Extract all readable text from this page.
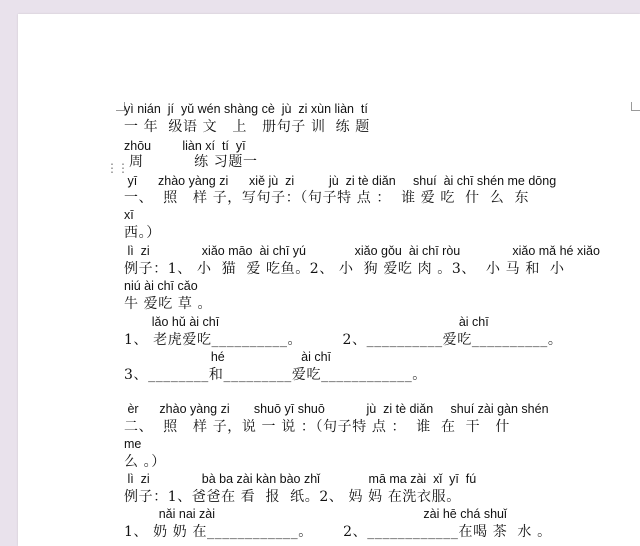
⋮⋮
yì nián  jí  yǔ wén shàng cè  jù  zi xùn liàn  tí
一 年  级语 文   上   册句子 训  练 题
zhōu         liàn xí  tí  yī
周          练 习题一
yī      zhào yàng zi      xiě jù  zi          jù  zi tè diǎn     shuí  ài chī shén me dōng
一、  照   样 子，写句子：（句子特 点 ：  谁 爱 吃  什  么  东
xī
西。）
lì  zi               xiǎo māo  ài chī yú              xiǎo gǒu  ài chī ròu               xiǎo mǎ hé xiǎo
例子：1、 小  猫  爱 吃鱼。2、 小  狗 爱吃 肉 。3、  小 马 和  小
niú ài chī cǎo
牛 爱吃 草 。
lǎo hǔ ài chī                                                                     ài chī
1、 老虎爱吃__________。        2、__________爱吃__________。
hé                      ài chī
3、________和_________爱吃____________。
èr      zhào yàng zi       shuō yī shuō            jù  zi tè diǎn     shuí zài gàn shén
二、  照   样 子，说 一 说 ：（句子特 点 ：  谁  在  干   什
me
么 。）
lì  zi               bà ba zài kàn bào zhǐ              mā ma zài  xǐ  yī  fú
例子：1、爸爸在 看  报  纸。2、 妈 妈 在洗衣服。
nǎi nai zài                                                            zài hē chá shuǐ
1、 奶 奶 在____________。      2、____________在喝 茶  水 。
